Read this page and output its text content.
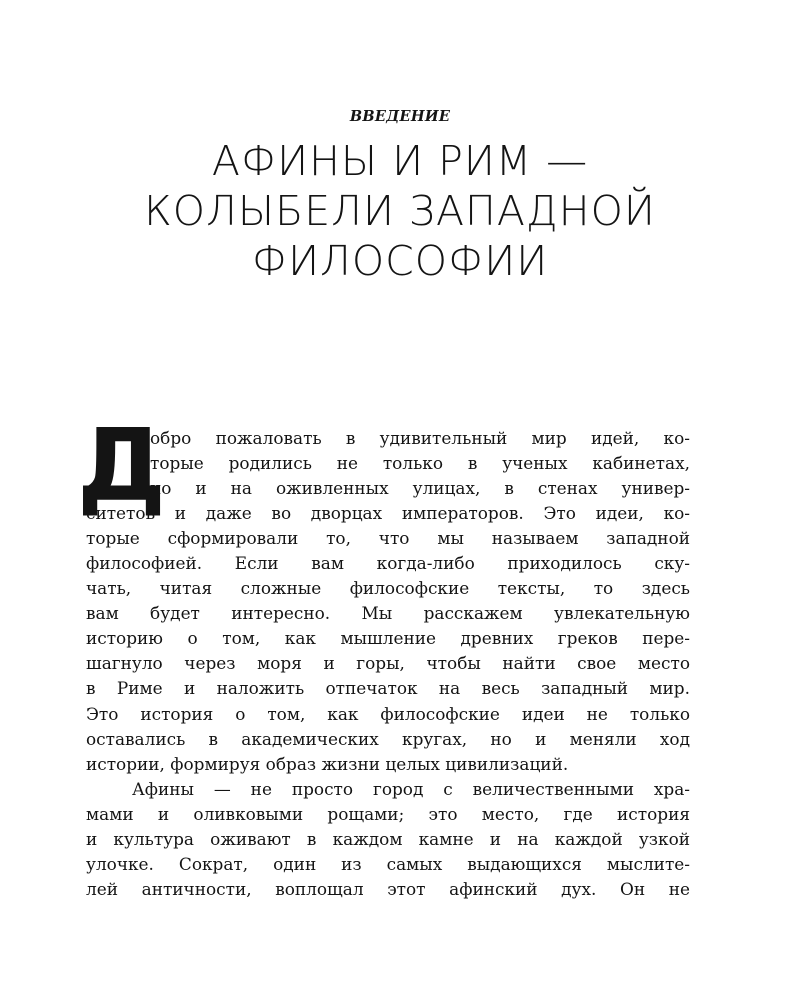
ВВЕДЕНИЕ
АФИНЫ И РИМ —
КОЛЫБЕЛИ ЗАПАДНОЙ
ФИЛОСОФИИ
Д
обро пожаловать в удивительный мир идей, ко-
торые родились не только в ученых кабинетах,
но и на оживленных улицах, в стенах универ-
ситетов и даже во дворцах императоров. Это идеи, ко-
торые сформировали то, что мы называем западной
философией. Если вам когда-либо приходилось ску-
чать, читая сложные философские тексты, то здесь
вам будет интересно. Мы расскажем увлекательную
историю о том, как мышление древних греков пере-
шагнуло через моря и горы, чтобы найти свое место
в Риме и наложить отпечаток на весь западный мир.
Это история о том, как философские идеи не только
оставались в академических кругах, но и меняли ход
истории, формируя образ жизни целых цивилизаций.
Афины — не просто город с величественными хра-
мами и оливковыми рощами; это место, где история
и культура оживают в каждом камне и на каждой узкой
улочке. Сократ, один из самых выдающихся мыслите-
лей античности, воплощал этот афинский дух. Он не
